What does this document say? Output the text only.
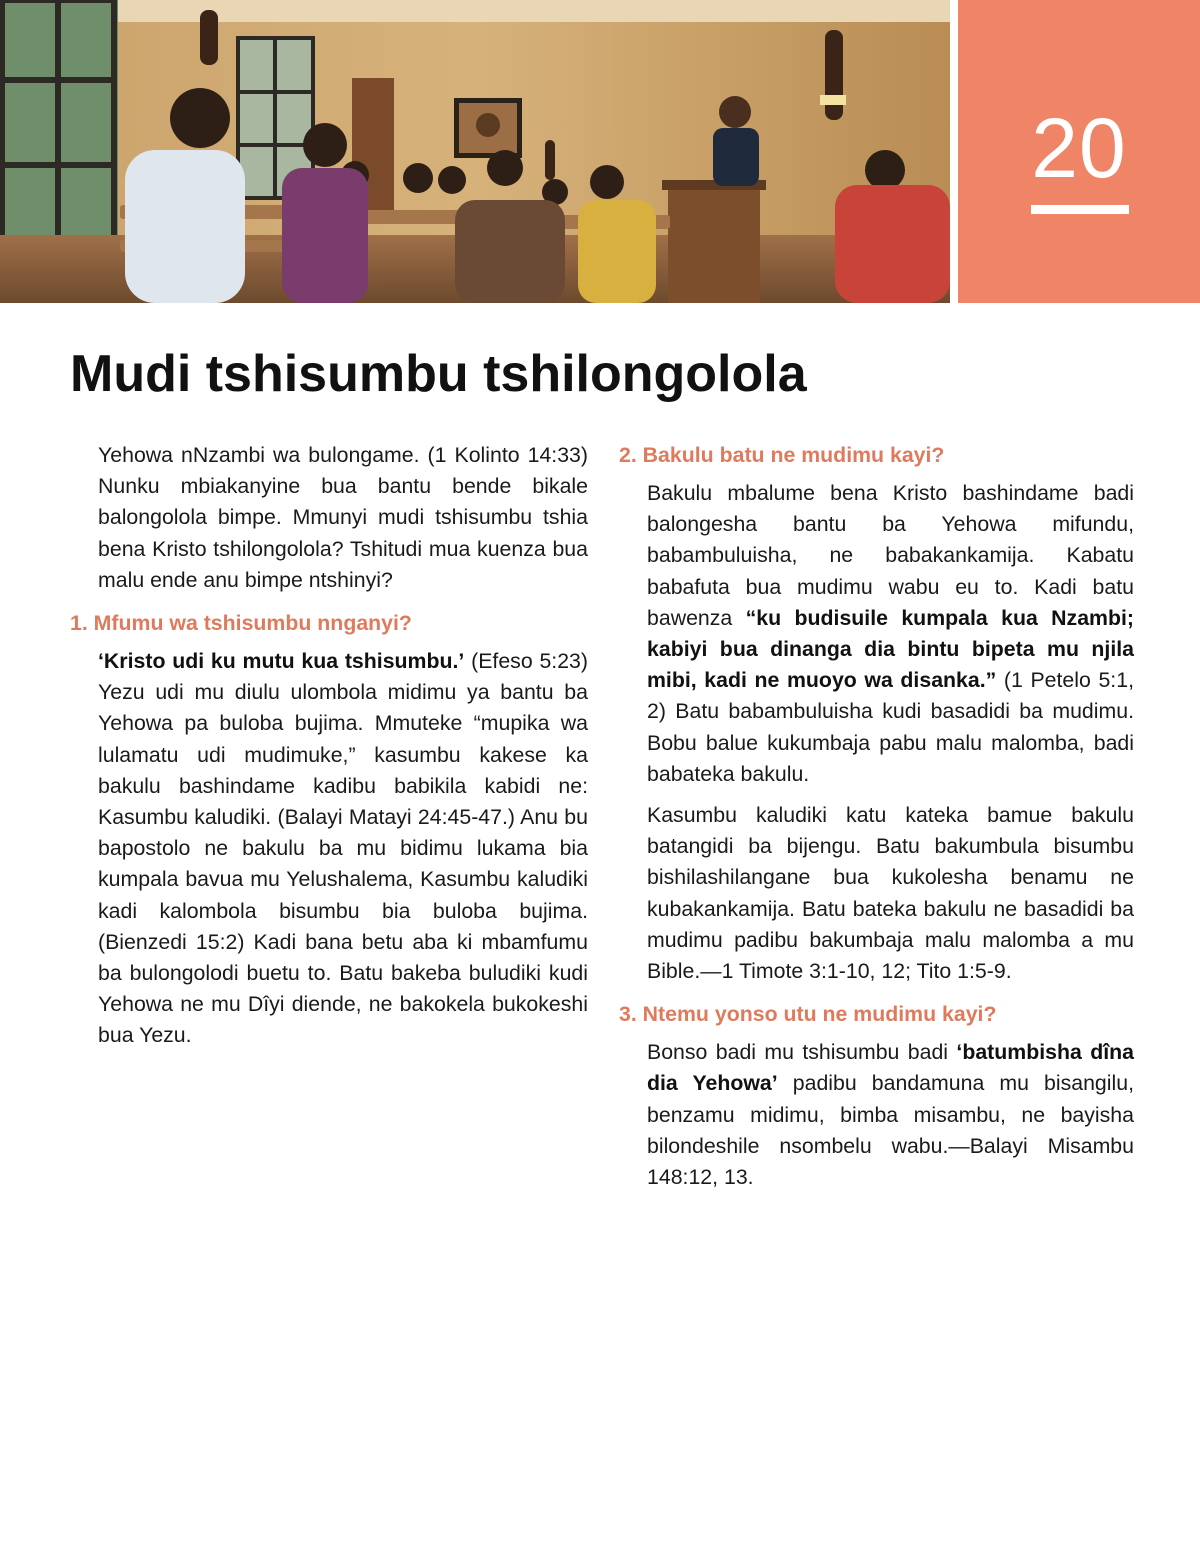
20
Mudi tshisumbu tshilongolola

Yehowa nNzambi wa bulongame. (1 Kolinto 14:33) Nunku mbiakanyine bua bantu bende bikale balongolola bimpe. Mmunyi mudi tshisumbu tshia bena Kristo tshilongolola? Tshitudi mua kuenza bua malu ende anu bimpe ntshinyi?

1. Mfumu wa tshisumbu nnganyi?

‘Kristo udi ku mutu kua tshisumbu.’ (Efeso 5:23) Yezu udi mu diulu ulombola midimu ya bantu ba Yehowa pa buloba bujima. Mmuteke “mupika wa lulamatu udi mudimuke,” kasumbu kakese ka bakulu bashindame kadibu babikila kabidi ne: Kasumbu kaludiki. (Balayi Matayi 24:45-47.) Anu bu bapostolo ne bakulu ba mu bidimu lukama bia kumpala bavua mu Yelushalema, Kasumbu kaludiki kadi kalombola bisumbu bia buloba bujima. (Bienzedi 15:2) Kadi bana betu aba ki mbamfumu ba bulongolodi buetu to. Batu bakeba buludiki kudi Yehowa ne mu Dîyi diende, ne bakokela bukokeshi bua Yezu.

2. Bakulu batu ne mudimu kayi?

Bakulu mbalume bena Kristo bashindame badi balongesha bantu ba Yehowa mifundu, babambuluisha, ne babakankamija. Kabatu babafuta bua mudimu wabu eu to. Kadi batu bawenza “ku budisuile kumpala kua Nzambi; kabiyi bua dinanga dia bintu bipeta mu njila mibi, kadi ne muoyo wa disanka.” (1 Petelo 5:1, 2) Batu babambuluisha kudi basadidi ba mudimu. Bobu balue kukumbaja pabu malu malomba, badi babateka bakulu.

Kasumbu kaludiki katu kateka bamue bakulu batangidi ba bijengu. Batu bakumbula bisumbu bishilashilangane bua kukolesha benamu ne kubakankamija. Batu bateka bakulu ne basadidi ba mudimu padibu bakumbaja malu malomba a mu Bible.—1 Timote 3:1-10, 12; Tito 1:5-9.

3. Ntemu yonso utu ne mudimu kayi?

Bonso badi mu tshisumbu badi ‘batumbisha dîna dia Yehowa’ padibu bandamuna mu bisangilu, benzamu midimu, bimba misambu, ne bayisha bilondeshile nsombelu wabu.—Balayi Misambu 148:12, 13.
